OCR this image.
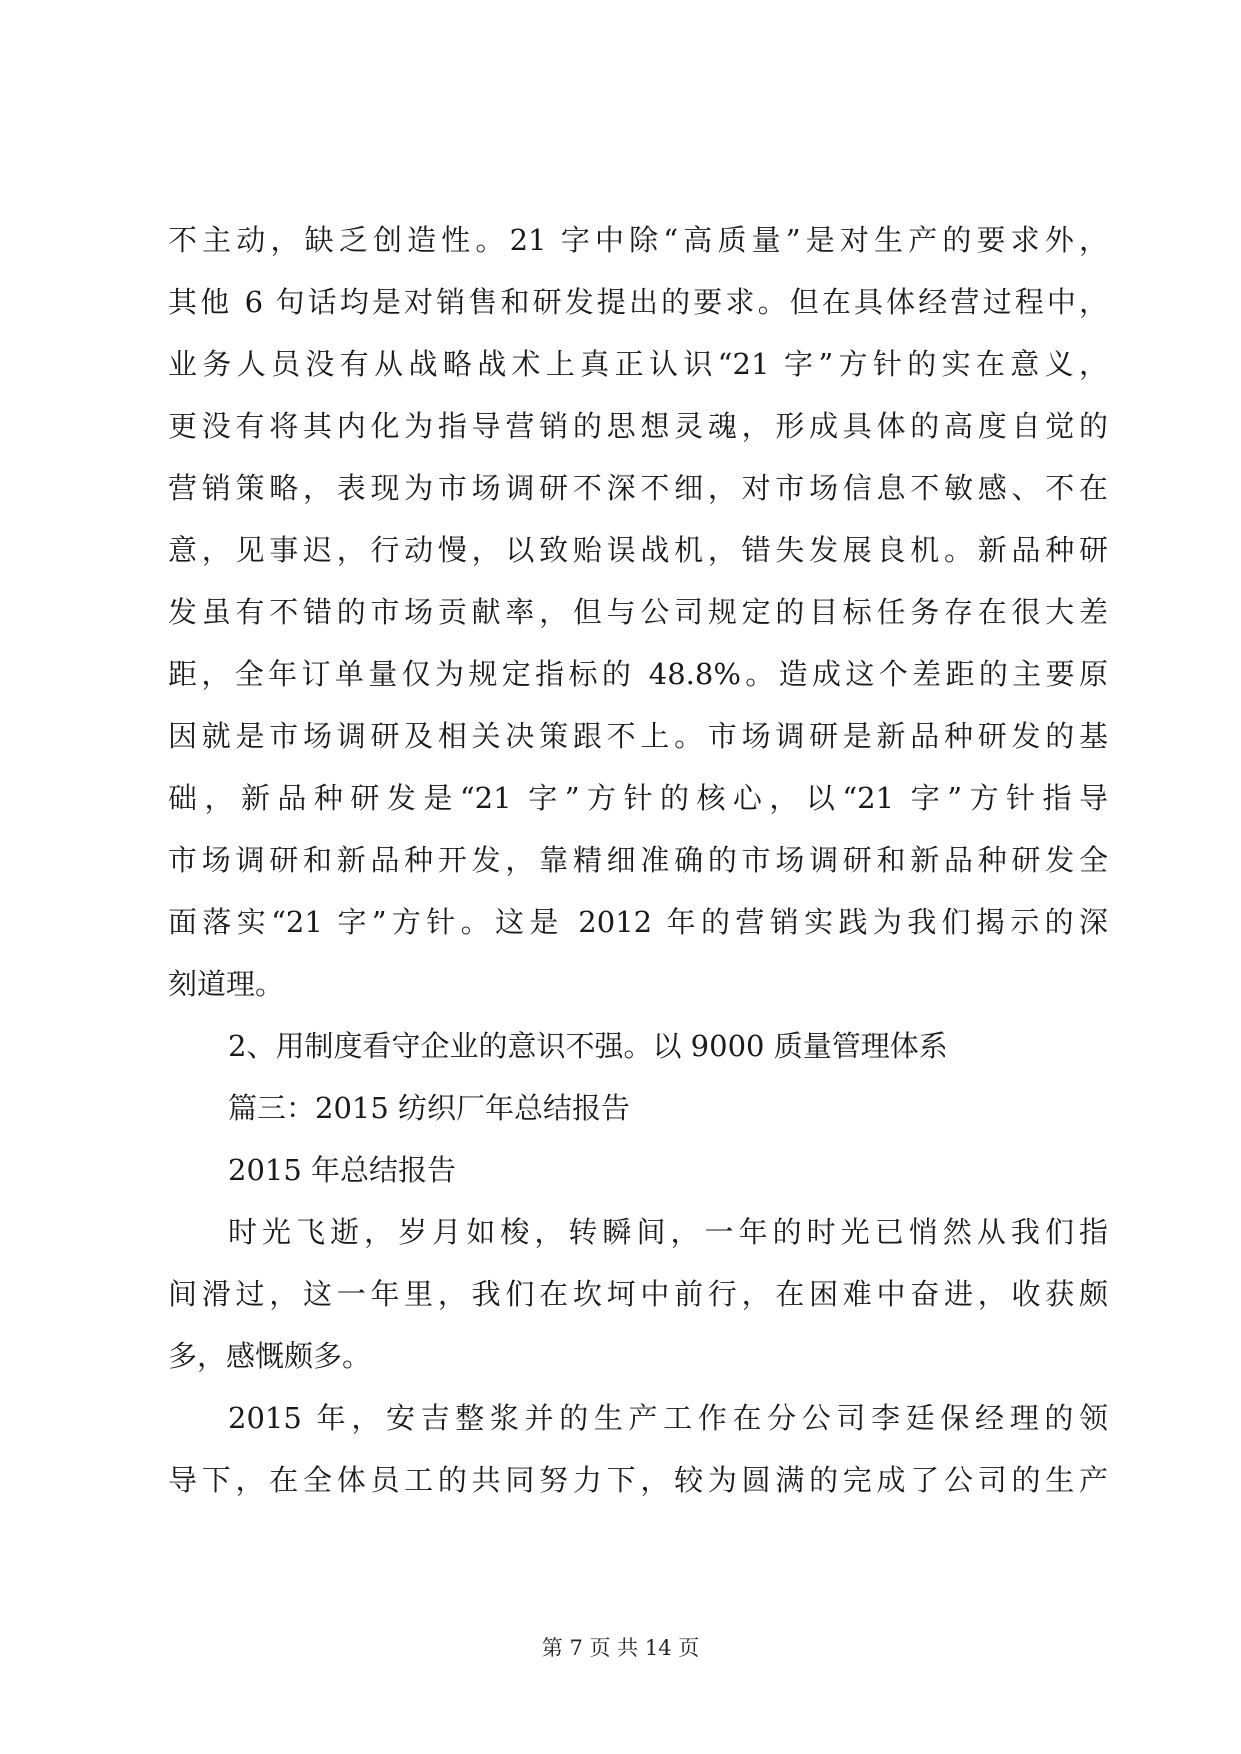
不主动，缺乏创造性。21 字中除“高质量”是对生产的要求外，
其他 6 句话均是对销售和研发提出的要求。但在具体经营过程中，
业务人员没有从战略战术上真正认识“21 字”方针的实在意义，
更没有将其内化为指导营销的思想灵魂，形成具体的高度自觉的
营销策略，表现为市场调研不深不细，对市场信息不敏感、不在
意，见事迟，行动慢，以致贻误战机，错失发展良机。新品种研
发虽有不错的市场贡献率，但与公司规定的目标任务存在很大差
距，全年订单量仅为规定指标的 48.8%。造成这个差距的主要原
因就是市场调研及相关决策跟不上。市场调研是新品种研发的基
础，新品种研发是“21 字”方针的核心，以“21 字”方针指导
市场调研和新品种开发，靠精细准确的市场调研和新品种研发全
面落实“21 字”方针。这是 2012 年的营销实践为我们揭示的深
刻道理。
2、用制度看守企业的意识不强。以 9000 质量管理体系
篇三：2015 纺织厂年总结报告
2015 年总结报告
时光飞逝，岁月如梭，转瞬间，一年的时光已悄然从我们指
间滑过，这一年里，我们在坎坷中前行，在困难中奋进，收获颇
多，感慨颇多。
2015 年，安吉整浆并的生产工作在分公司李廷保经理的领
导下，在全体员工的共同努力下，较为圆满的完成了公司的生产
第 7 页 共 14 页
